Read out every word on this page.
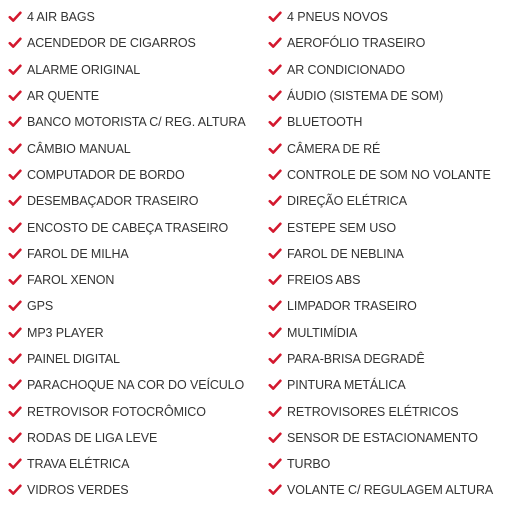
4 AIR BAGS
ACENDEDOR DE CIGARROS
ALARME ORIGINAL
AR QUENTE
BANCO MOTORISTA C/ REG. ALTURA
CÂMBIO MANUAL
COMPUTADOR DE BORDO
DESEMBAÇADOR TRASEIRO
ENCOSTO DE CABEÇA TRASEIRO
FAROL DE MILHA
FAROL XENON
GPS
MP3 PLAYER
PAINEL DIGITAL
PARACHOQUE NA COR DO VEÍCULO
RETROVISOR FOTOCRÔMICO
RODAS DE LIGA LEVE
TRAVA ELÉTRICA
VIDROS VERDES
4 PNEUS NOVOS
AEROFÓLIO TRASEIRO
AR CONDICIONADO
ÁUDIO (SISTEMA DE SOM)
BLUETOOTH
CÂMERA DE RÉ
CONTROLE DE SOM NO VOLANTE
DIREÇÃO ELÉTRICA
ESTEPE SEM USO
FAROL DE NEBLINA
FREIOS ABS
LIMPADOR TRASEIRO
MULTIMÍDIA
PARA-BRISA DEGRADÊ
PINTURA METÁLICA
RETROVISORES ELÉTRICOS
SENSOR DE ESTACIONAMENTO
TURBO
VOLANTE C/ REGULAGEM ALTURA
